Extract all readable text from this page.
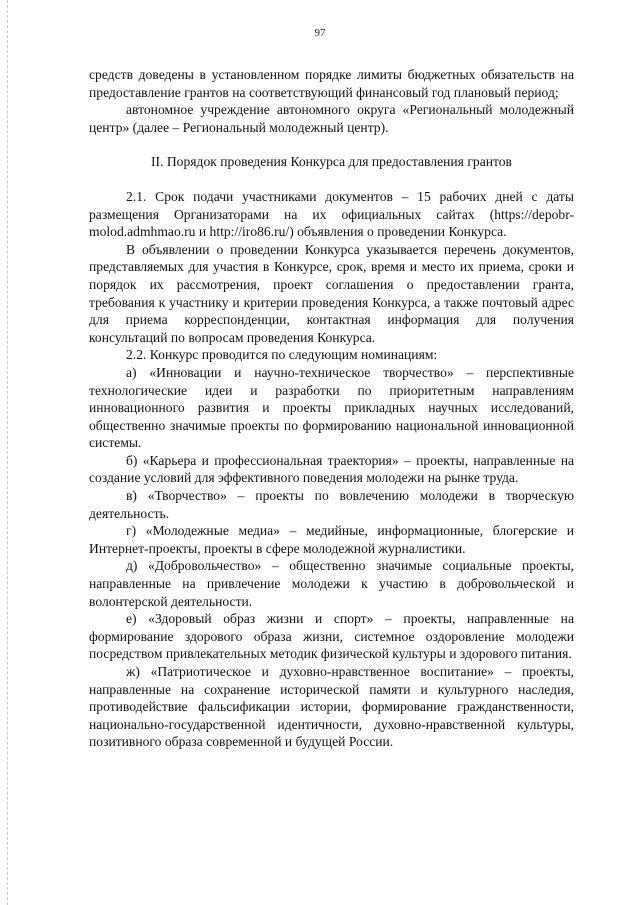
97

средств доведены в установленном порядке лимиты бюджетных обязательств на предоставление грантов на соответствующий финансовый год плановый период;

автономное учреждение автономного округа «Региональный молодежный центр» (далее – Региональный молодежный центр).

II. Порядок проведения Конкурса для предоставления грантов

2.1. Срок подачи участниками документов – 15 рабочих дней с даты размещения Организаторами на их официальных сайтах (https://depobr-molod.admhmao.ru и http://iro86.ru/) объявления о проведении Конкурса.

В объявлении о проведении Конкурса указывается перечень документов, представляемых для участия в Конкурсе, срок, время и место их приема, сроки и порядок их рассмотрения, проект соглашения о предоставлении гранта, требования к участнику и критерии проведения Конкурса, а также почтовый адрес для приема корреспонденции, контактная информация для получения консультаций по вопросам проведения Конкурса.

2.2. Конкурс проводится по следующим номинациям:

а) «Инновации и научно-техническое творчество» – перспективные технологические идеи и разработки по приоритетным направлениям инновационного развития и проекты прикладных научных исследований, общественно значимые проекты по формированию национальной инновационной системы.

б) «Карьера и профессиональная траектория» – проекты, направленные на создание условий для эффективного поведения молодежи на рынке труда.

в) «Творчество» – проекты по вовлечению молодежи в творческую деятельность.

г) «Молодежные медиа» – медийные, информационные, блогерские и Интернет-проекты, проекты в сфере молодежной журналистики.

д) «Добровольчество» – общественно значимые социальные проекты, направленные на привлечение молодежи к участию в добровольческой и волонтерской деятельности.

е) «Здоровый образ жизни и спорт» – проекты, направленные на формирование здорового образа жизни, системное оздоровление молодежи посредством привлекательных методик физической культуры и здорового питания.

ж) «Патриотическое и духовно-нравственное воспитание» – проекты, направленные на сохранение исторической памяти и культурного наследия, противодействие фальсификации истории, формирование гражданственности, национально-государственной идентичности, духовно-нравственной культуры, позитивного образа современной и будущей России.
